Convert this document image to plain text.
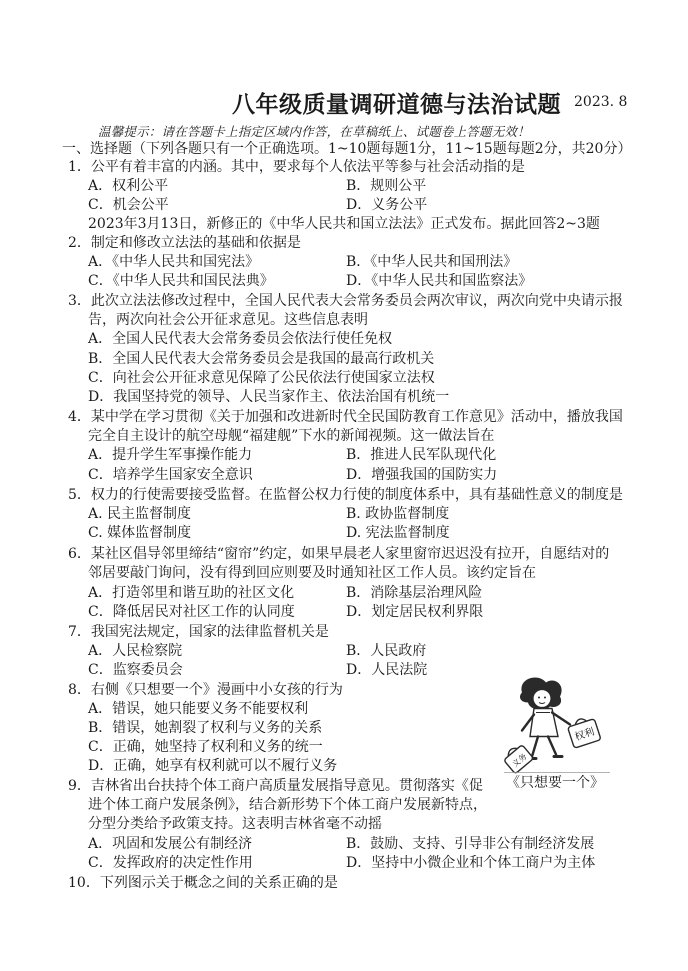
八年级质量调研道德与法治试题 2023. 8
温馨提示：请在答题卡上指定区域内作答，在草稿纸上、试题卷上答题无效！
一、选择题（下列各题只有一个正确选项。1~10题每题1分，11~15题每题2分，共20分）
1．公平有着丰富的内涵。其中，要求每个人依法平等参与社会活动指的是
A．权利公平	B．规则公平
C．机会公平	D．义务公平
2023年3月13日，新修正的《中华人民共和国立法法》正式发布。据此回答2~3题
2．制定和修改立法法的基础和依据是
A．《中华人民共和国宪法》	B．《中华人民共和国刑法》
C．《中华人民共和国民法典》	D．《中华人民共和国监察法》
3．此次立法法修改过程中，全国人民代表大会常务委员会两次审议，两次向党中央请示报
告，两次向社会公开征求意见。这些信息表明
A．全国人民代表大会常务委员会依法行使任免权
B．全国人民代表大会常务委员会是我国的最高行政机关
C．向社会公开征求意见保障了公民依法行使国家立法权
D．我国坚持党的领导、人民当家作主、依法治国有机统一
4．某中学在学习贯彻《关于加强和改进新时代全民国防教育工作意见》活动中，播放我国
完全自主设计的航空母舰“福建舰”下水的新闻视频。这一做法旨在
A．提升学生军事操作能力	B．推进人民军队现代化
C．培养学生国家安全意识	D．增强我国的国防实力
5．权力的行使需要接受监督。在监督公权力行使的制度体系中，具有基础性意义的制度是
A. 民主监督制度	B. 政协监督制度
C. 媒体监督制度	D. 宪法监督制度
6．某社区倡导邻里缔结“窗帘”约定，如果早晨老人家里窗帘迟迟没有拉开，自愿结对的
邻居要敲门询问，没有得到回应则要及时通知社区工作人员。该约定旨在
A．打造邻里和谐互助的社区文化	B．消除基层治理风险
C．降低居民对社区工作的认同度	D．划定居民权利界限
7．我国宪法规定，国家的法律监督机关是
A．人民检察院	B．人民政府
C．监察委员会	D．人民法院
8．右侧《只想要一个》漫画中小女孩的行为
A．错误，她只能要义务不能要权利
B．错误，她割裂了权利与义务的关系
C．正确，她坚持了权利和义务的统一
D．正确，她享有权利就可以不履行义务
权利
义务
《只想要一个》
9．吉林省出台扶持个体工商户高质量发展指导意见。贯彻落实《促
进个体工商户发展条例》，结合新形势下个体工商户发展新特点，
分型分类给予政策支持。这表明吉林省毫不动摇
A．巩固和发展公有制经济	B．鼓励、支持、引导非公有制经济发展
C．发挥政府的决定性作用	D．坚持中小微企业和个体工商户为主体
10．下列图示关于概念之间的关系正确的是
